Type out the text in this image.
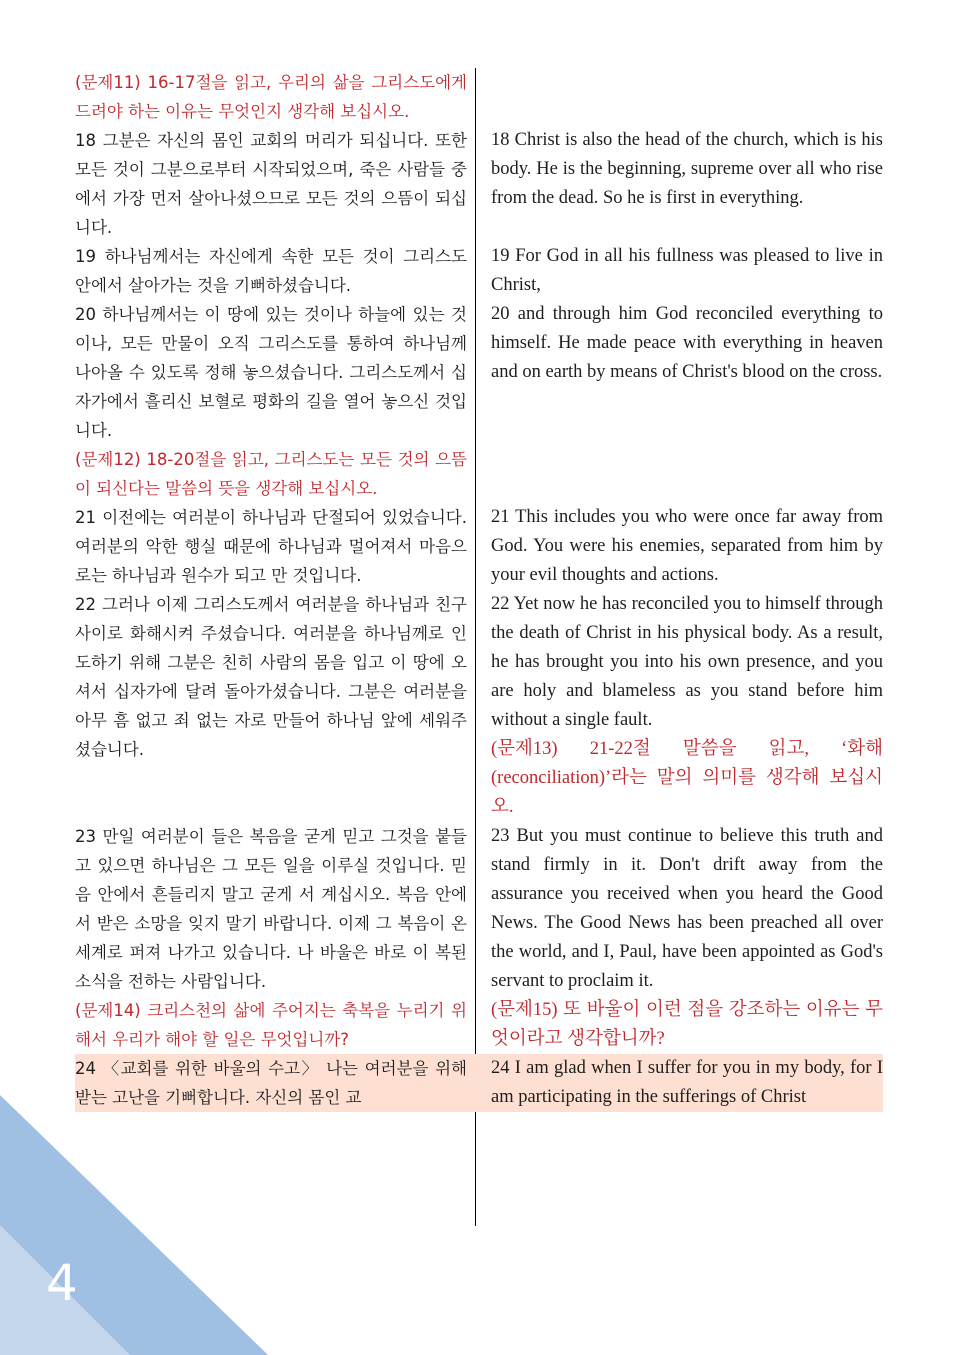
4
(문제11) 16-17절을 읽고, 우리의 삶을 그리스도에게 드려야 하는 이유는 무엇인지 생각해 보십시오.
18 그분은 자신의 몸인 교회의 머리가 되십니다. 또한 모든 것이 그분으로부터 시작되었으며, 죽은 사람들 중에서 가장 먼저 살아나셨으므로 모든 것의 으뜸이 되십니다.
18 Christ is also the head of the church, which is his body. He is the beginning, supreme over all who rise from the dead. So he is first in everything.
19 하나님께서는 자신에게 속한 모든 것이 그리스도 안에서 살아가는 것을 기뻐하셨습니다.
19 For God in all his fullness was pleased to live in Christ,
20 하나님께서는 이 땅에 있는 것이나 하늘에 있는 것이나, 모든 만물이 오직 그리스도를 통하여 하나님께 나아올 수 있도록 정해 놓으셨습니다. 그리스도께서 십자가에서 흘리신 보혈로 평화의 길을 열어 놓으신 것입니다.
20 and through him God reconciled everything to himself. He made peace with everything in heaven and on earth by means of Christ's blood on the cross.
(문제12) 18-20절을 읽고, 그리스도는 모든 것의 으뜸이 되신다는 말씀의 뜻을 생각해 보십시오.
21 이전에는 여러분이 하나님과 단절되어 있었습니다. 여러분의 악한 행실 때문에 하나님과 멀어져서 마음으로는 하나님과 원수가 되고 만 것입니다.
21 This includes you who were once far away from God. You were his enemies, separated from him by your evil thoughts and actions.
22 그러나 이제 그리스도께서 여러분을 하나님과 친구 사이로 화해시켜 주셨습니다. 여러분을 하나님께로 인도하기 위해 그분은 친히 사람의 몸을 입고 이 땅에 오셔서 십자가에 달려 돌아가셨습니다. 그분은 여러분을 아무 흠 없고 죄 없는 자로 만들어 하나님 앞에 세워주셨습니다.
22 Yet now he has reconciled you to himself through the death of Christ in his physical body. As a result, he has brought you into his own presence, and you are holy and blameless as you stand before him without a single fault.
(문제13) 21-22절 말씀을 읽고, ‘화해 (reconciliation)’라는 말의 의미를 생각해 보십시오.
23 만일 여러분이 들은 복음을 굳게 믿고 그것을 붙들고 있으면 하나님은 그 모든 일을 이루실 것입니다. 믿음 안에서 흔들리지 말고 굳게 서 계십시오. 복음 안에서 받은 소망을 잊지 말기 바랍니다. 이제 그 복음이 온 세계로 퍼져 나가고 있습니다. 나 바울은 바로 이 복된 소식을 전하는 사람입니다.
23 But you must continue to believe this truth and stand firmly in it. Don't drift away from the assurance you received when you heard the Good News. The Good News has been preached all over the world, and I, Paul, have been appointed as God's servant to proclaim it.
(문제14) 크리스천의 삶에 주어지는 축복을 누리기 위해서 우리가 해야 할 일은 무엇입니까?
(문제15) 또 바울이 이런 점을 강조하는 이유는 무엇이라고 생각합니까?
24 〈교회를 위한 바울의 수고〉 나는 여러분을 위해 받는 고난을 기뻐합니다. 자신의 몸인 교
24 I am glad when I suffer for you in my body, for I am participating in the sufferings of Christ
